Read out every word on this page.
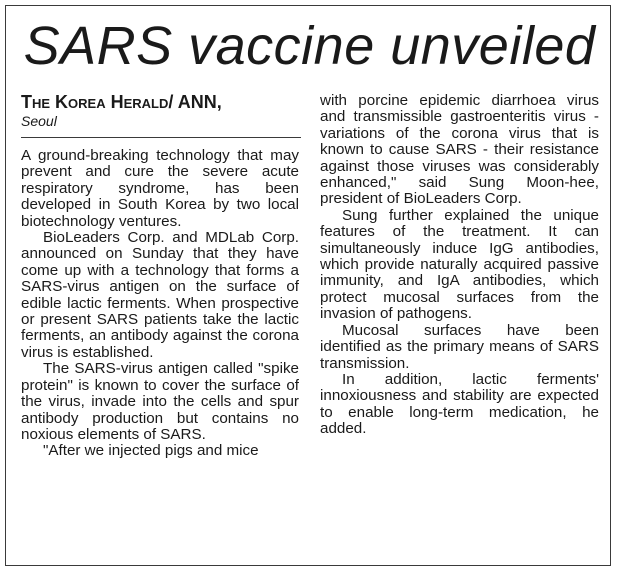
SARS vaccine unveiled
The Korea Herald/ ANN,
Seoul

A ground-breaking technology that may prevent and cure the severe acute respiratory syndrome, has been developed in South Korea by two local biotechnology ventures.

BioLeaders Corp. and MDLab Corp. announced on Sunday that they have come up with a technology that forms a SARS-virus antigen on the surface of edible lactic ferments. When prospective or present SARS patients take the lactic ferments, an antibody against the corona virus is established.

The SARS-virus antigen called "spike protein" is known to cover the surface of the virus, invade into the cells and spur antibody production but contains no noxious elements of SARS.

"After we injected pigs and mice

with porcine epidemic diarrhoea virus and transmissible gastroenteritis virus - variations of the corona virus that is known to cause SARS - their resistance against those viruses was considerably enhanced," said Sung Moon-hee, president of BioLeaders Corp.

Sung further explained the unique features of the treatment. It can simultaneously induce IgG antibodies, which provide naturally acquired passive immunity, and IgA antibodies, which protect mucosal surfaces from the invasion of pathogens.

Mucosal surfaces have been identified as the primary means of SARS transmission.

In addition, lactic ferments' innoxiousness and stability are expected to enable long-term medication, he added.
